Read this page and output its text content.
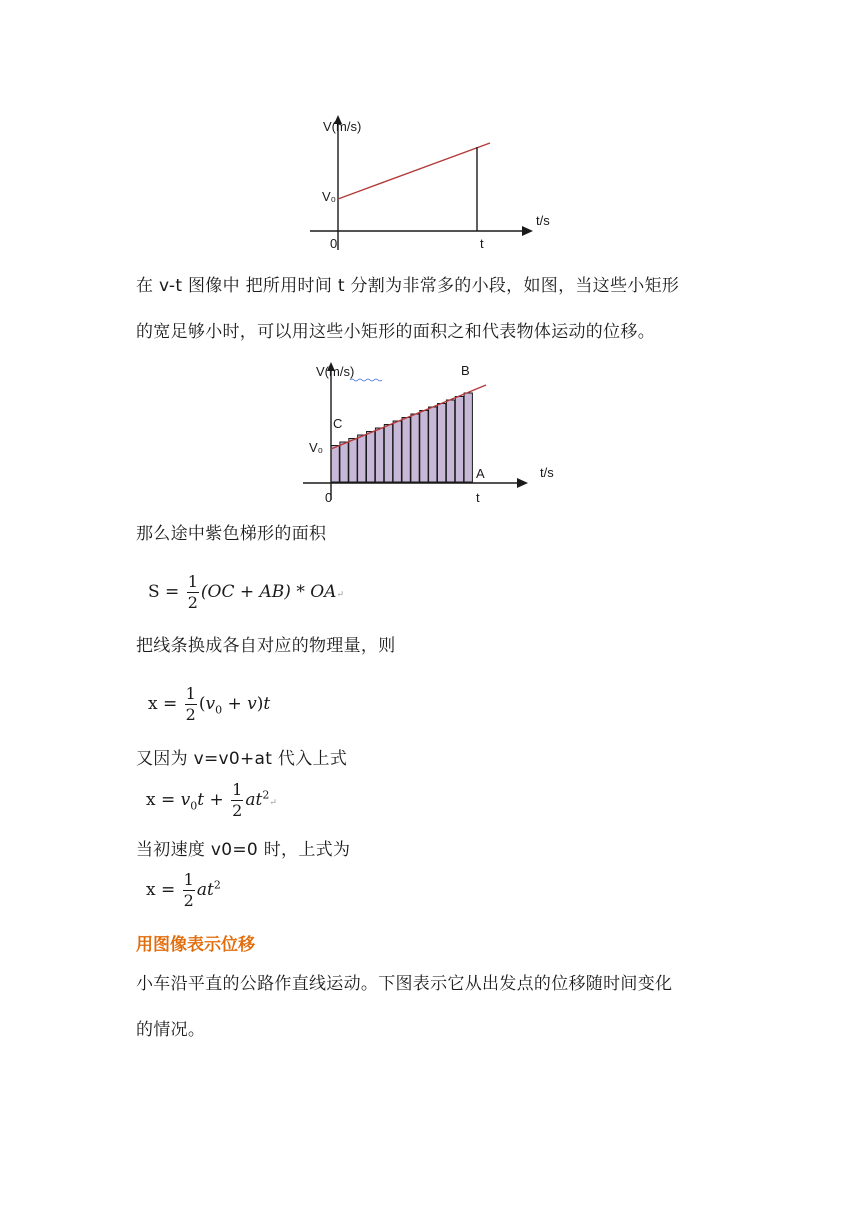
V(m/s)
t/s
V₀
0	t
在 v-t 图像中 把所用时间 t 分割为非常多的小段，如图，当这些小矩形
的宽足够小时，可以用这些小矩形的面积之和代表物体运动的位移。
V(m/s)
t/s
V₀
0	t
A
B
C
那么途中紫色梯形的面积
$S = \frac{1}{2} (OC + AB)$ * OA↵
把线条换成各自对应的物理量，则
$x = \frac{1}{2} (v_0 + v)t$
又因为 v=v0+at 代入上式
$x = v_0t + \frac{1}{2}$ $at^2↵$
当初速度 v0=0 时，上式为
$x = \frac{1}{2} at^2$
用图像表示位移
小车沿平直的公路作直线运动。下图表示它从出发点的位移随时间变化
的情况。
